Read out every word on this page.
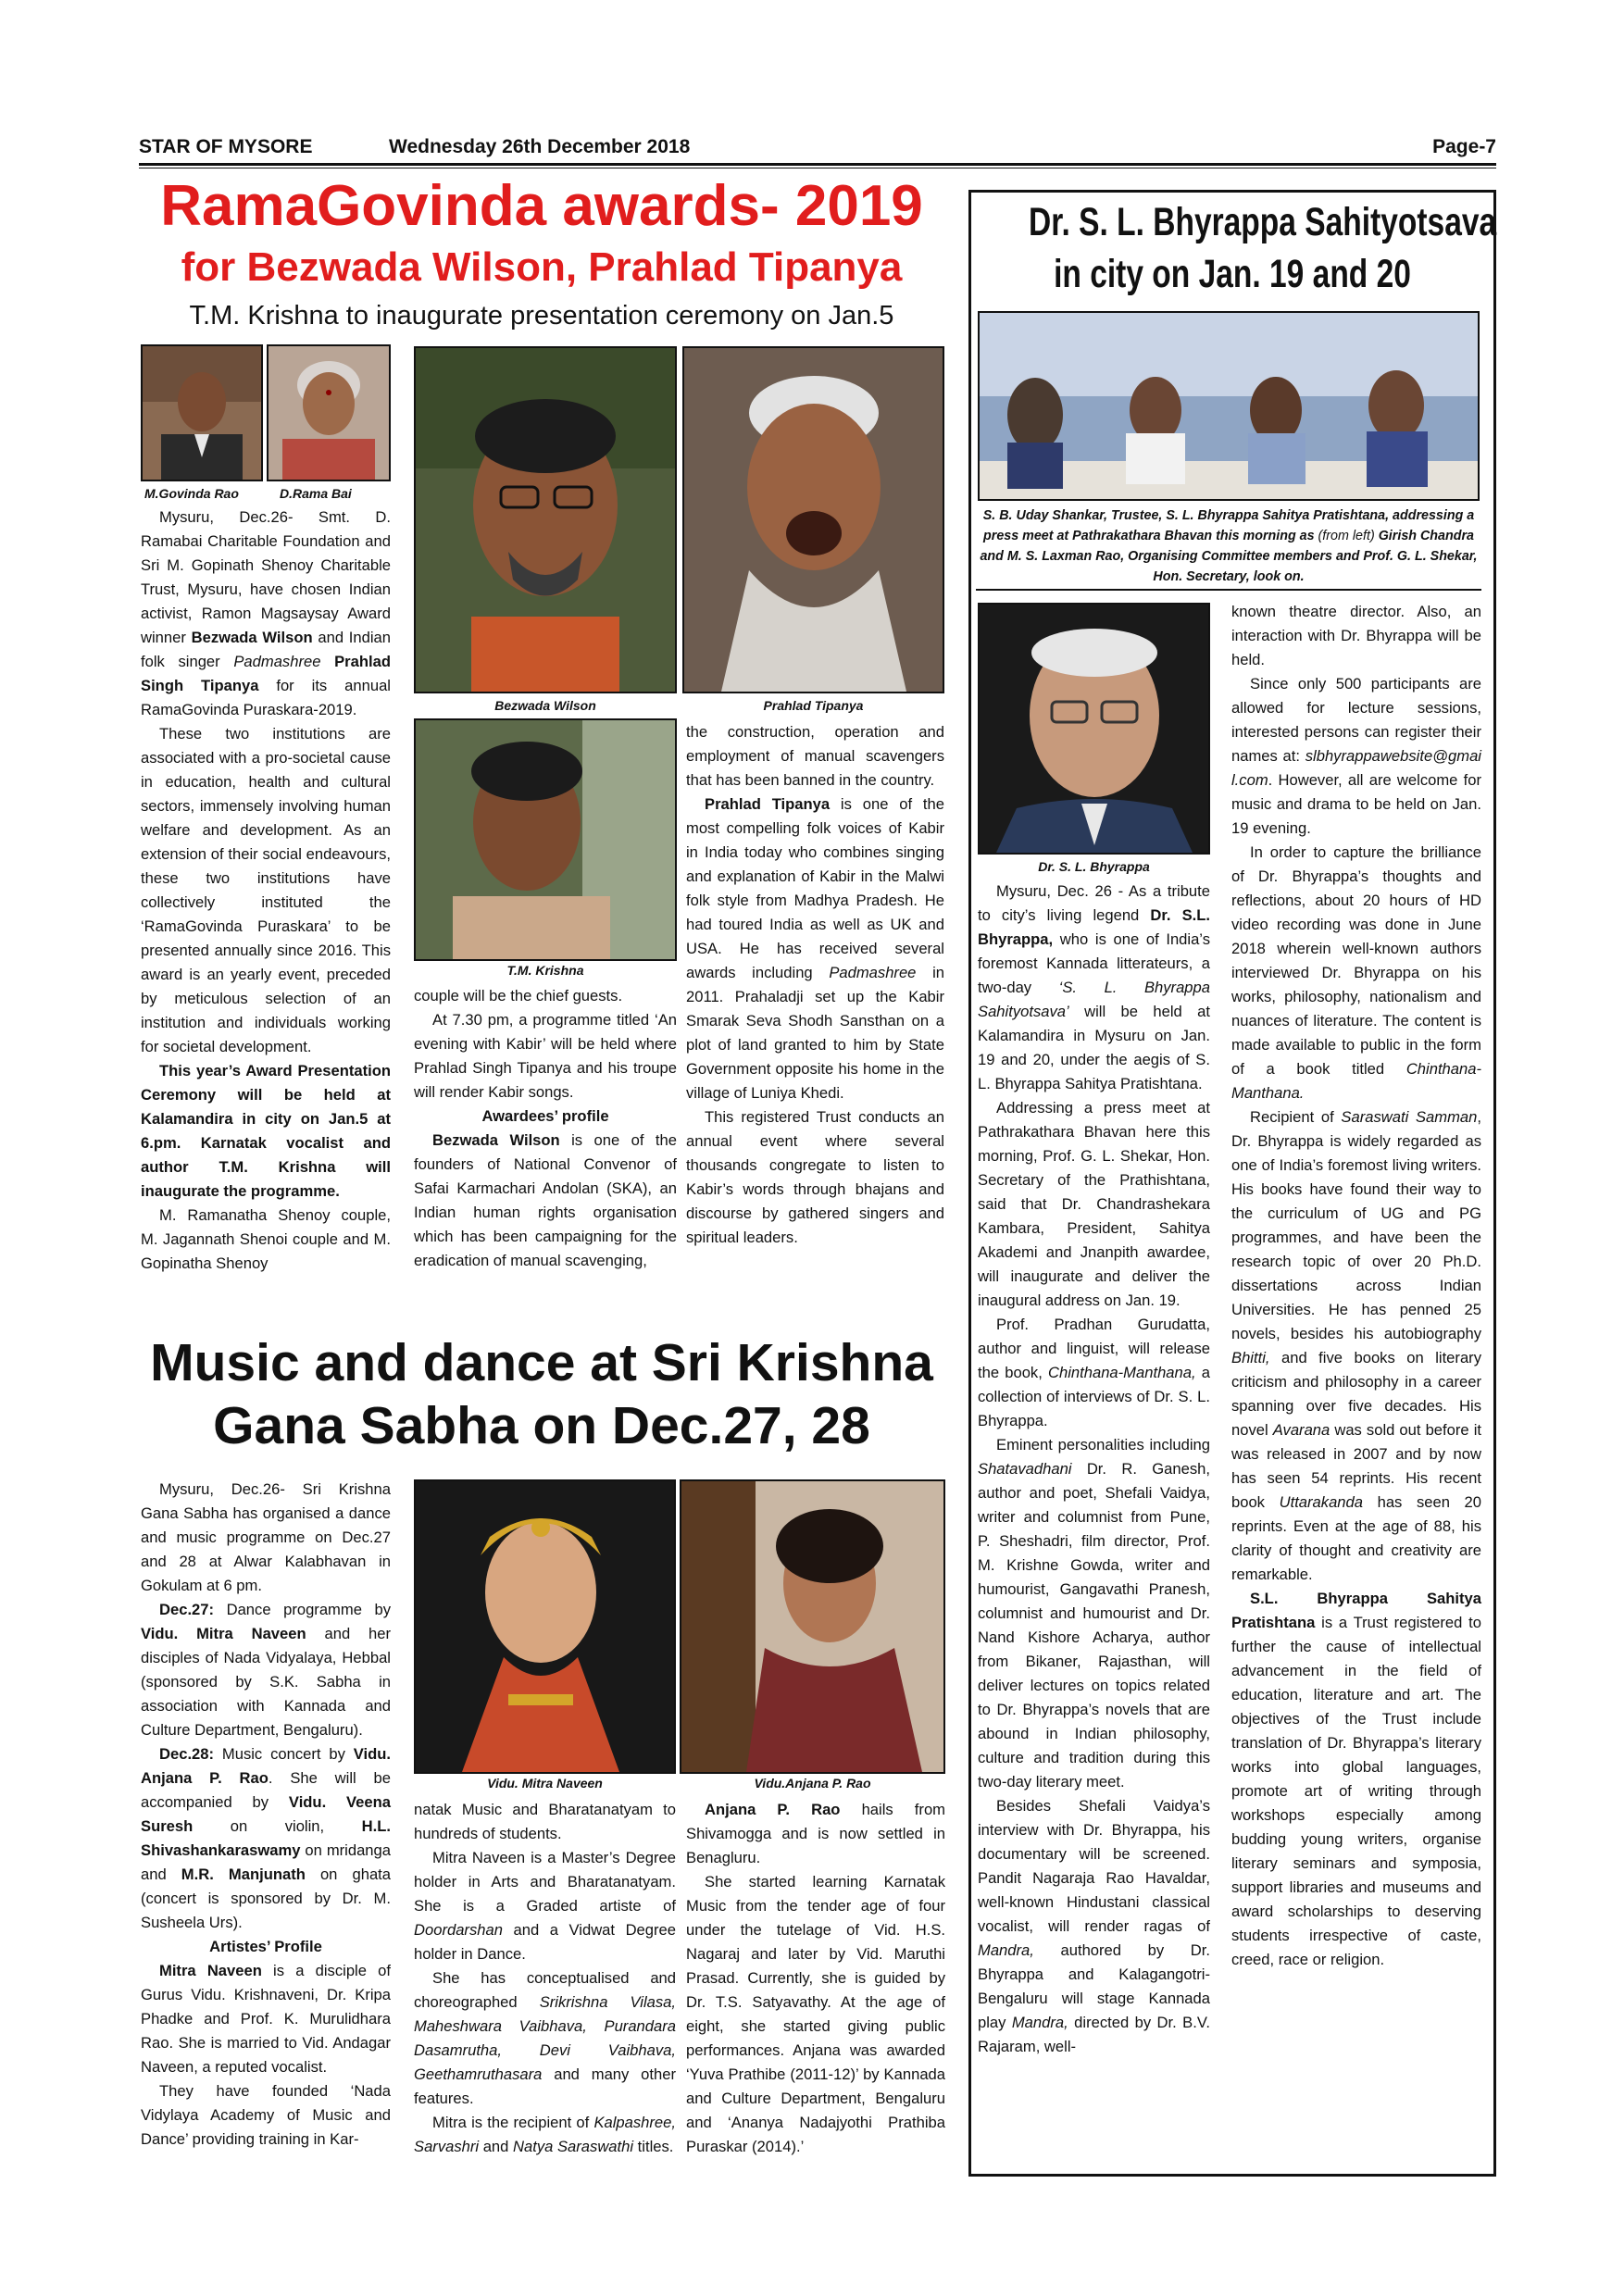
STAR OF MYSORE	Wednesday 26th December 2018	Page-7
RamaGovinda awards- 2019
for Bezwada Wilson, Prahlad Tipanya
T.M. Krishna to inaugurate presentation ceremony on Jan.5
M.Govinda Rao	D.Rama Bai
Bezwada Wilson	Prahlad Tipanya
T.M. Krishna

Mysuru, Dec.26- Smt. D. Ramabai Charitable Foundation and Sri M. Gopinath Shenoy Charitable Trust, Mysuru, have chosen Indian activist, Ramon Magsaysay Award winner Bezwada Wilson and Indian folk singer Padmashree Prahlad Singh Tipanya for its annual RamaGovinda Puraskara-2019.

These two institutions are associated with a pro-societal cause in education, health and cultural sectors, immensely involving human welfare and development. As an extension of their social endeavours, these two institutions have collectively instituted the ‘RamaGovinda Puraskara’ to be presented annually since 2016. This award is an yearly event, preceded by meticulous selection of an institution and individuals working for societal development.

This year’s Award Presentation Ceremony will be held at Kalamandira in city on Jan.5 at 6.pm. Karnatak vocalist and author T.M. Krishna will inaugurate the programme.

M. Ramanatha Shenoy couple, M. Jagannath Shenoi couple and M. Gopinatha Shenoy

couple will be the chief guests.

At 7.30 pm, a programme titled ‘An evening with Kabir’ will be held where Prahlad Singh Tipanya and his troupe will render Kabir songs.

Awardees’ profile

Bezwada Wilson is one of the founders of National Convenor of Safai Karmachari Andolan (SKA), an Indian human rights organisation which has been campaigning for the eradication of manual scavenging,

the construction, operation and employment of manual scavengers that has been banned in the country.

Prahlad Tipanya is one of the most compelling folk voices of Kabir in India today who combines singing and explanation of Kabir in the Malwi folk style from Madhya Pradesh. He had toured India as well as UK and USA. He has received several awards including Padmashree in 2011. Prahaladji set up the Kabir Smarak Seva Shodh Sansthan on a plot of land granted to him by State Government opposite his home in the village of Luniya Khedi.

This registered Trust conducts an annual event where several thousands congregate to listen to Kabir’s words through bhajans and discourse by gathered singers and spiritual leaders.

Music and dance at Sri Krishna
Gana Sabha on Dec.27, 28
Vidu. Mitra Naveen	Vidu.Anjana P. Rao

Mysuru, Dec.26- Sri Krishna Gana Sabha has organised a dance and music programme on Dec.27 and 28 at Alwar Kalabhavan in Gokulam at 6 pm.

Dec.27: Dance programme by Vidu. Mitra Naveen and her disciples of Nada Vidyalaya, Hebbal (sponsored by S.K. Sabha in association with Kannada and Culture Department, Bengaluru).

Dec.28: Music concert by Vidu. Anjana P. Rao. She will be accompanied by Vidu. Veena Suresh on violin, H.L. Shivashankaraswamy on mridanga and M.R. Manjunath on ghata (concert is sponsored by Dr. M. Susheela Urs).

Artistes’ Profile

Mitra Naveen is a disciple of Gurus Vidu. Krishnaveni, Dr. Kripa Phadke and Prof. K. Murulidhara Rao. She is married to Vid. Andagar Naveen, a reputed vocalist.

They have founded ‘Nada Vidylaya Academy of Music and Dance’ providing training in Kar-

natak Music and Bharatanatyam to hundreds of students.

Mitra Naveen is a Master’s Degree holder in Arts and Bharatanatyam. She is a Graded artiste of Doordarshan and a Vidwat Degree holder in Dance.

She has conceptualised and choreographed Srikrishna Vilasa, Maheshwara Vaibhava, Purandara Dasamrutha, Devi Vaibhava, Geethamruthasara and many other features.

Mitra is the recipient of Kalpashree, Sarvashri and Natya Saraswathi titles.

Anjana P. Rao hails from Shivamogga and is now settled in Benagluru.

She started learning Karnatak Music from the tender age of four under the tutelage of Vid. H.S. Nagaraj and later by Vid. Maruthi Prasad. Currently, she is guided by Dr. T.S. Satyavathy. At the age of eight, she started giving public performances. Anjana was awarded ‘Yuva Prathibe (2011-12)’ by Kannada and Culture Department, Bengaluru and ‘Ananya Nadajyothi Prathiba Puraskar (2014).’

Dr. S. L. Bhyrappa Sahityotsava
in city on Jan. 19 and 20
S. B. Uday Shankar, Trustee, S. L. Bhyrappa Sahitya Pratishtana, addressing a press meet at Pathrakathara Bhavan this morning as (from left) Girish Chandra and M. S. Laxman Rao, Organising Committee members and Prof. G. L. Shekar, Hon. Secretary, look on.
Dr. S. L. Bhyrappa

Mysuru, Dec. 26 - As a tribute to city’s living legend Dr. S.L. Bhyrappa, who is one of India’s foremost Kannada litterateurs, a two-day ‘S. L. Bhyrappa Sahityotsava’ will be held at Kalamandira in Mysuru on Jan. 19 and 20, under the aegis of S. L. Bhyrappa Sahitya Pratishtana.

Addressing a press meet at Pathrakathara Bhavan here this morning, Prof. G. L. Shekar, Hon. Secretary of the Prathishtana, said that Dr. Chandrashekara Kambara, President, Sahitya Akademi and Jnanpith awardee, will inaugurate and deliver the inaugural address on Jan. 19.

Prof. Pradhan Gurudatta, author and linguist, will release the book, Chinthana-Manthana, a collection of interviews of Dr. S. L. Bhyrappa.

Eminent personalities including Shatavadhani Dr. R. Ganesh, author and poet, Shefali Vaidya, writer and columnist from Pune, P. Sheshadri, film director, Prof. M. Krishne Gowda, writer and humourist, Gangavathi Pranesh, columnist and humourist and Dr. Nand Kishore Acharya, author from Bikaner, Rajasthan, will deliver lectures on topics related to Dr. Bhyrappa’s novels that are abound in Indian philosophy, culture and tradition during this two-day literary meet.

Besides Shefali Vaidya’s interview with Dr. Bhyrappa, his documentary will be screened. Pandit Nagaraja Rao Havaldar, well-known Hindustani classical vocalist, will render ragas of Mandra, authored by Dr. Bhyrappa and Kalagangotri-Bengaluru will stage Kannada play Mandra, directed by Dr. B.V. Rajaram, well-

known theatre director. Also, an interaction with Dr. Bhyrappa will be held.

Since only 500 participants are allowed for lecture sessions, interested persons can register their names at: slbhyrappawebsite@gmail.com. However, all are welcome for music and drama to be held on Jan. 19 evening.

In order to capture the brilliance of Dr. Bhyrappa’s thoughts and reflections, about 20 hours of HD video recording was done in June 2018 wherein well-known authors interviewed Dr. Bhyrappa on his works, philosophy, nationalism and nuances of literature. The content is made available to public in the form of a book titled Chinthana-Manthana.

Recipient of Saraswati Samman, Dr. Bhyrappa is widely regarded as one of India’s foremost living writers. His books have found their way to the curriculum of UG and PG programmes, and have been the research topic of over 20 Ph.D. dissertations across Indian Universities. He has penned 25 novels, besides his autobiography Bhitti, and five books on literary criticism and philosophy in a career spanning over five decades. His novel Avarana was sold out before it was released in 2007 and by now has seen 54 reprints. His recent book Uttarakanda has seen 20 reprints. Even at the age of 88, his clarity of thought and creativity are remarkable.

S.L. Bhyrappa Sahitya Pratishtana is a Trust registered to further the cause of intellectual advancement in the field of education, literature and art. The objectives of the Trust include translation of Dr. Bhyrappa’s literary works into global languages, promote art of writing through workshops especially among budding young writers, organise literary seminars and symposia, support libraries and museums and award scholarships to deserving students irrespective of caste, creed, race or religion.
